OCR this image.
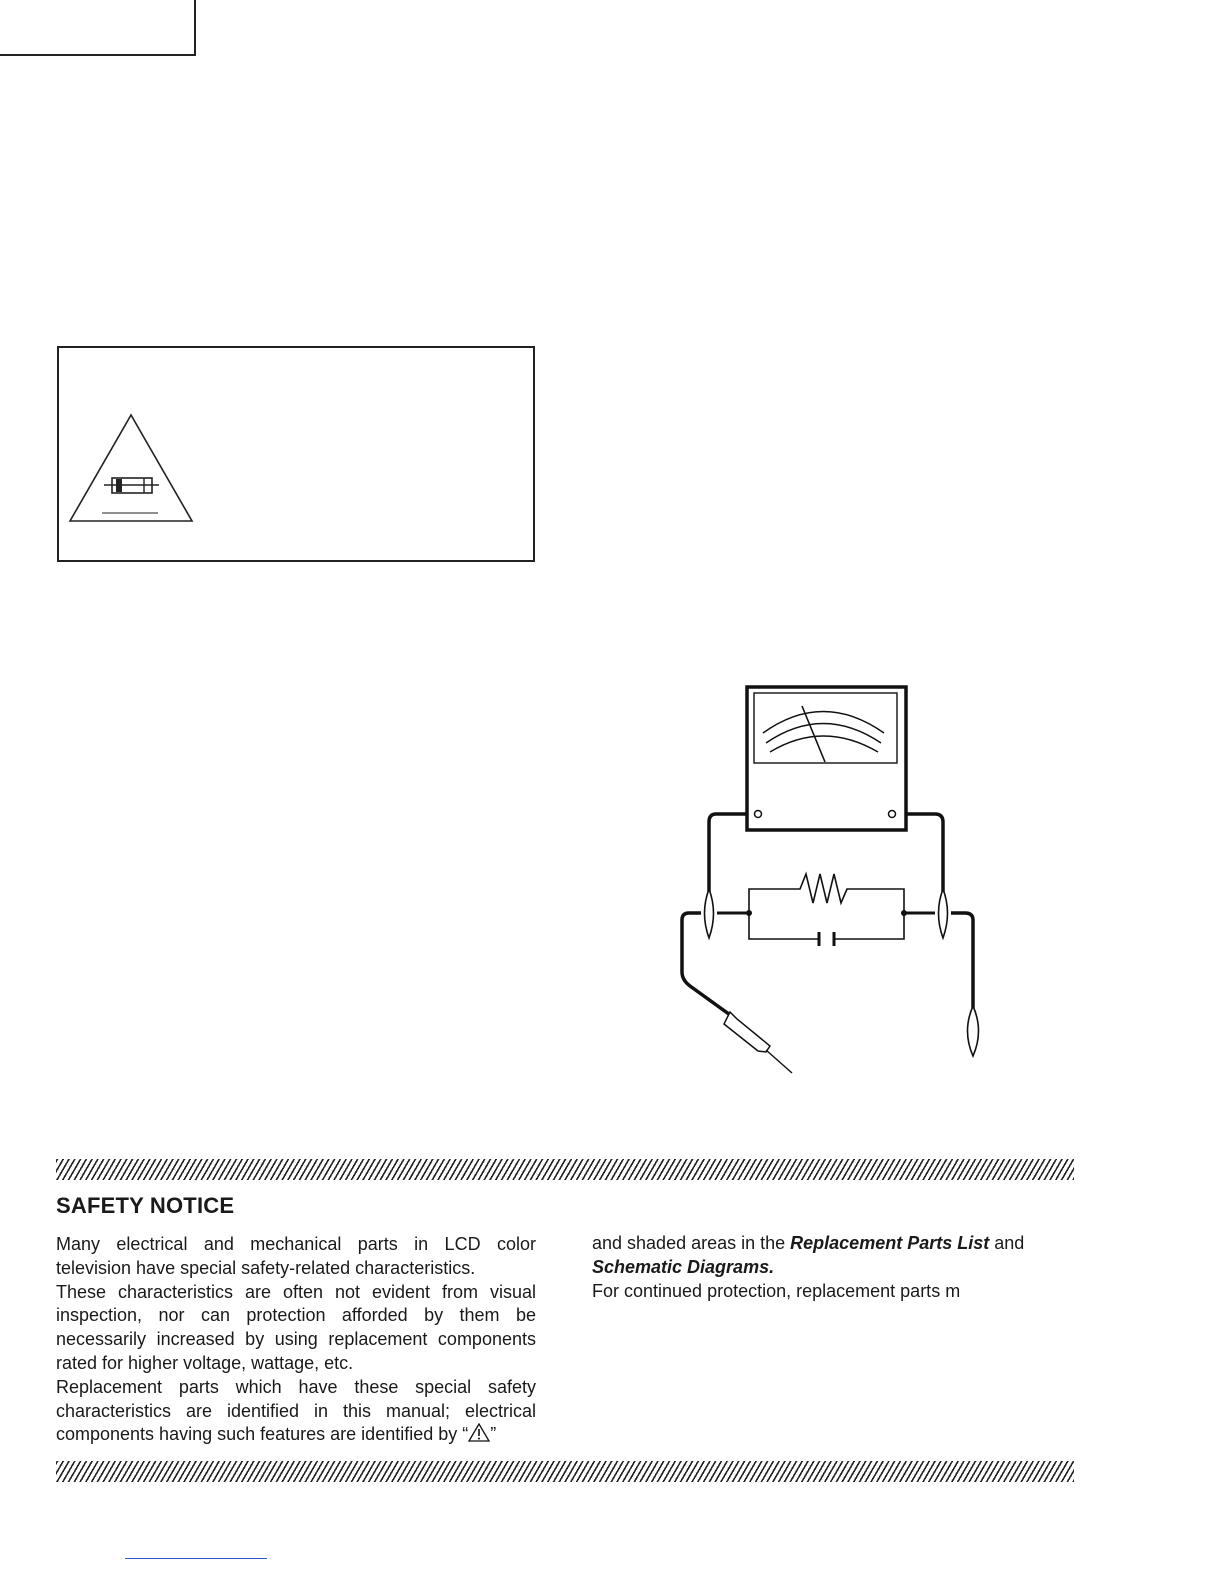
SAFETY NOTICE

Many electrical and mechanical parts in LCD color television have special safety-related characteristics.

These characteristics are often not evident from visual inspection, nor can protection afforded by them be necessarily increased by using replacement components rated for higher voltage, wattage, etc.

Replacement parts which have these special safety characteristics are identified in this manual; electrical components having such features are identified by “ ”

and shaded areas in the Replacement Parts List and

Schematic Diagrams.

For continued protection, replacement parts m
